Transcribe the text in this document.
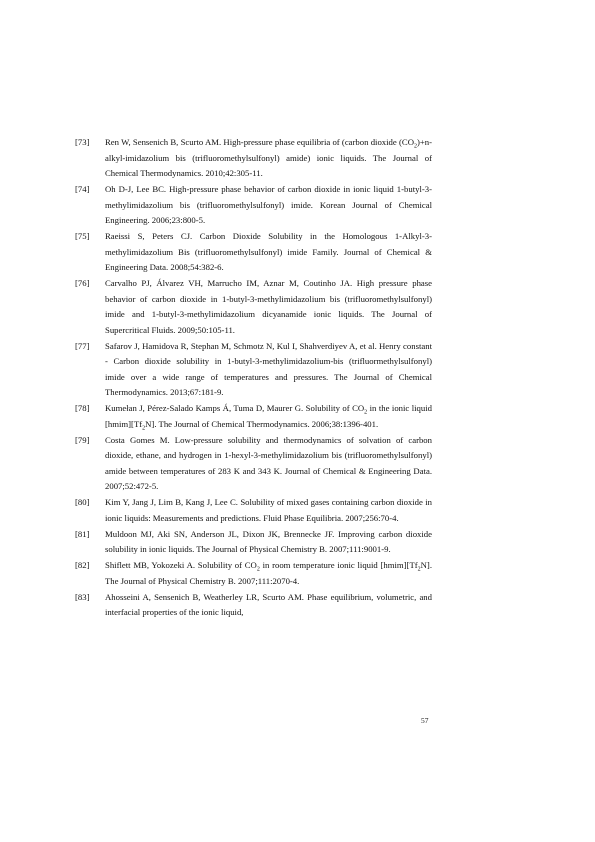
[73] Ren W, Sensenich B, Scurto AM. High-pressure phase equilibria of (carbon dioxide $(CO_2)+n-alkyl$-imidazolium bis (trifluoromethylsulfonyl) amide) ionic liquids. The Journal of Chemical Thermodynamics. 2010;42:305-11.
[74] Oh D-J, Lee BC. High-pressure phase behavior of carbon dioxide in ionic liquid 1-butyl-3-methylimidazolium bis (trifluoromethylsulfonyl) imide. Korean Journal of Chemical Engineering. 2006;23:800-5.
[75] Raeissi S, Peters CJ. Carbon Dioxide Solubility in the Homologous 1-Alkyl-3-methylimidazolium Bis (trifluoromethylsulfonyl) imide Family. Journal of Chemical & Engineering Data. 2008;54:382-6.
[76] Carvalho PJ, Álvarez VH, Marrucho IM, Aznar M, Coutinho JA. High pressure phase behavior of carbon dioxide in 1-butyl-3-methylimidazolium bis (trifluoromethylsulfonyl) imide and 1-butyl-3-methylimidazolium dicyanamide ionic liquids. The Journal of Supercritical Fluids. 2009;50:105-11.
[77] Safarov J, Hamidova R, Stephan M, Schmotz N, Kul I, Shahverdiyev A, et al. Henry constant - Carbon dioxide solubility in 1-butyl-3-methylimidazolium-bis (trifluormethylsulfonyl) imide over a wide range of temperatures and pressures. The Journal of Chemical Thermodynamics. 2013;67:181-9.
[78] Kumełan J, Pérez-Salado Kamps Á, Tuma D, Maurer G. Solubility of $CO_2$ in the ionic liquid $[hmim][Tf_2N]$. The Journal of Chemical Thermodynamics. 2006;38:1396-401.
[79] Costa Gomes M. Low-pressure solubility and thermodynamics of solvation of carbon dioxide, ethane, and hydrogen in 1-hexyl-3-methylimidazolium bis (trifluoromethylsulfonyl) amide between temperatures of 283 K and 343 K. Journal of Chemical & Engineering Data. 2007;52:472-5.
[80] Kim Y, Jang J, Lim B, Kang J, Lee C. Solubility of mixed gases containing carbon dioxide in ionic liquids: Measurements and predictions. Fluid Phase Equilibria. 2007;256:70-4.
[81] Muldoon MJ, Aki SN, Anderson JL, Dixon JK, Brennecke JF. Improving carbon dioxide solubility in ionic liquids. The Journal of Physical Chemistry B. 2007;111:9001-9.
[82] Shiflett MB, Yokozeki A. Solubility of $CO_2$ in room temperature ionic liquid $[hmim][Tf_2N]$. The Journal of Physical Chemistry B. 2007;111:2070-4.
[83] Ahosseini A, Sensenich B, Weatherley LR, Scurto AM. Phase equilibrium, volumetric, and interfacial properties of the ionic liquid,
57
